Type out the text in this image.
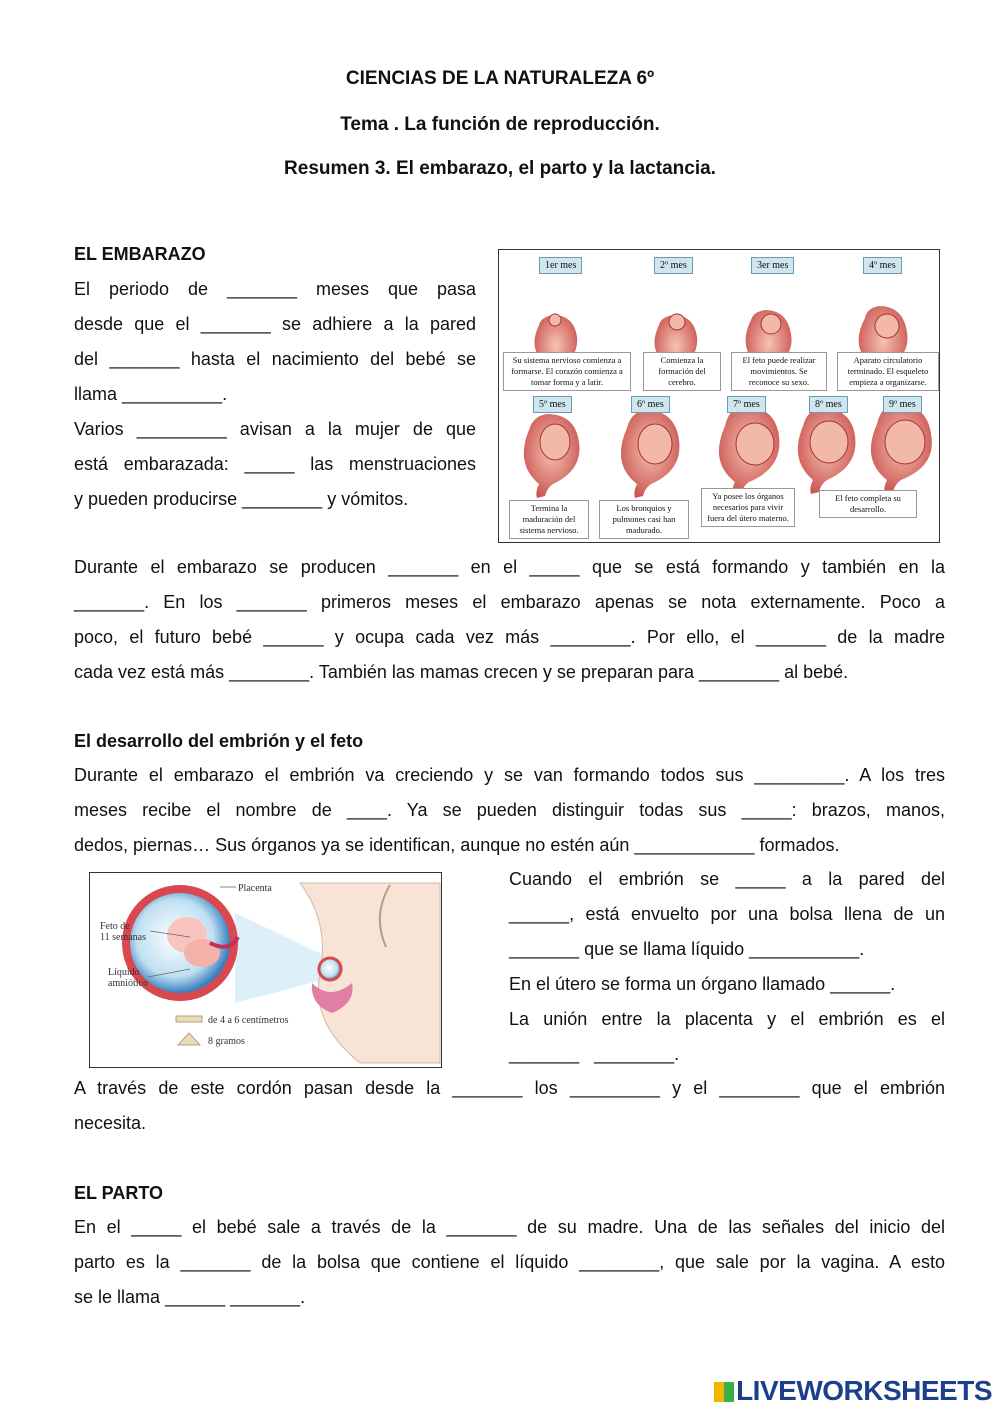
CIENCIAS DE LA NATURALEZA 6º
Tema . La función de reproducción.
Resumen 3. El embarazo, el parto y la lactancia.
EL EMBARAZO
El periodo de _______ meses que pasa
desde que el _______ se adhiere a la pared
del _______ hasta el nacimiento del bebé se
llama __________.
Varios _________ avisan a la mujer de que
está embarazada: _____ las menstruaciones
y pueden producirse ________ y vómitos.
1er mes	2º mes	3er mes	4º mes
5º mes	6º mes	7º mes	8º mes	9º mes
Su sistema nervioso comienza a formarse. El corazón comienza a tomar forma y a latir.
Comienza la formación del cerebro.
El feto puede realizar movimientos. Se reconoce su sexo.
Aparato circulatorio terminado. El esqueleto empieza a organizarse.
Termina la maduración del sistema nervioso.
Los bronquios y pulmones casi han madurado.
Ya posee los órganos necesarios para vivir fuera del útero materno.
El feto completa su desarrollo.
Durante el embarazo se producen _______ en el _____ que se está formando y también en la
_______. En los _______ primeros meses el embarazo apenas se nota externamente. Poco a
poco, el futuro bebé ______ y ocupa cada vez más ________. Por ello, el _______ de la madre
cada vez está más ________. También las mamas crecen y se preparan para ________ al bebé.
El desarrollo del embrión y el feto
Durante el embarazo el embrión va creciendo y se van formando todos sus _________. A los tres
meses recibe el nombre de ____. Ya se pueden distinguir todas sus _____: brazos, manos,
dedos, piernas… Sus órganos ya se identifican, aunque no estén aún ____________ formados.
Placenta
Feto de
11 semanas
Líquido
amniótico
de 4 a 6 centímetros
8 gramos
Cuando el embrión se _____ a la pared del
______, está envuelto por una bolsa llena de un
_______ que se llama líquido ___________.
En el útero se forma un órgano llamado ______.
La unión entre la placenta y el embrión es el
_______   ________.
A través de este cordón pasan desde la _______ los _________ y el ________ que el embrión
necesita.
EL PARTO
En el _____ el bebé sale a través de la _______ de su madre. Una de las señales del inicio del
parto es la _______ de la bolsa que contiene el líquido ________, que sale por la vagina. A esto
se le llama ______ _______.
LIVEWORKSHEETS
